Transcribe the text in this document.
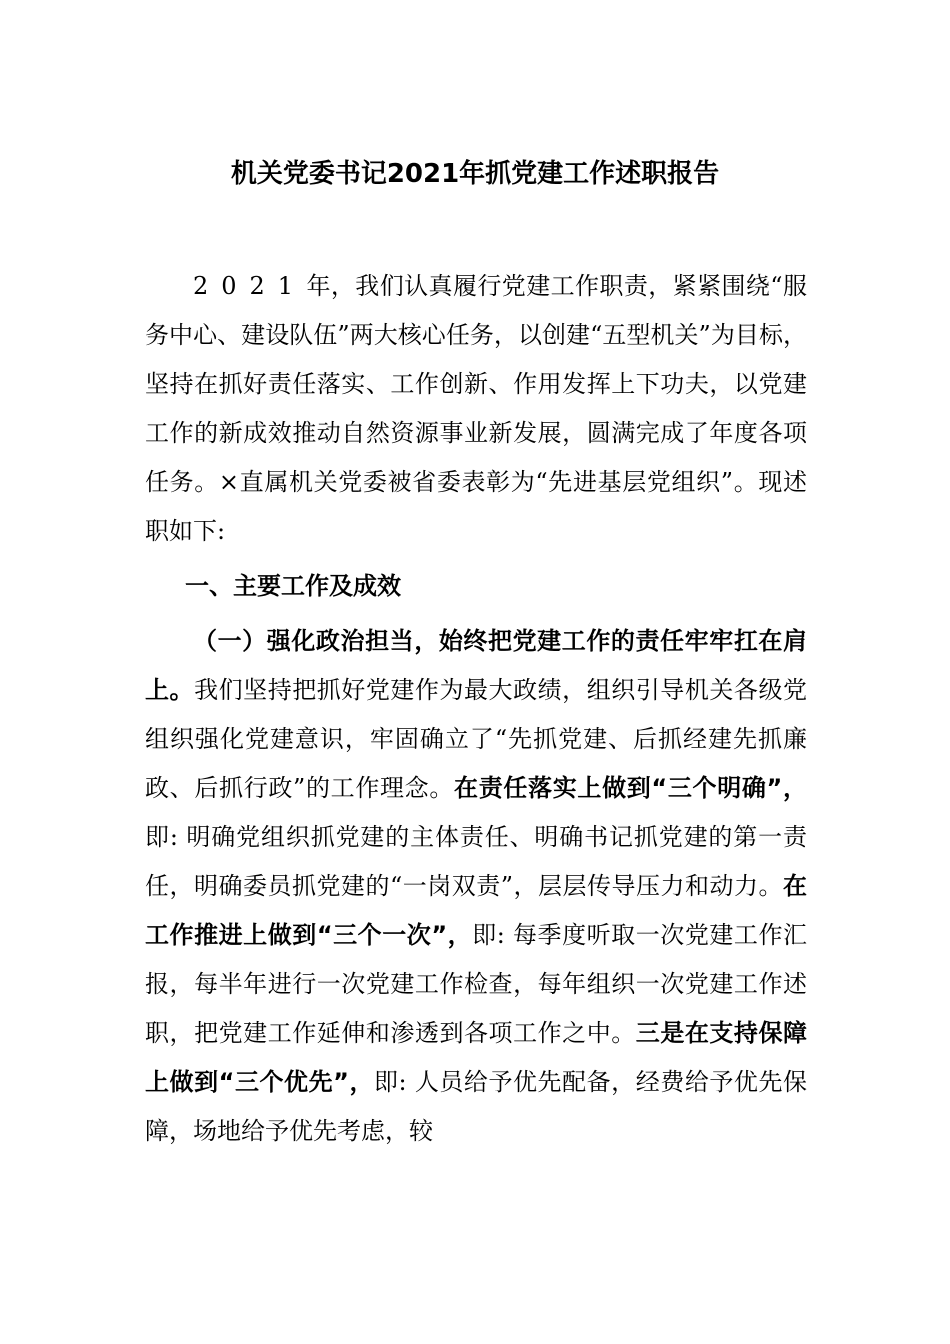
机关党委书记2021年抓党建工作述职报告

2021年，我们认真履行党建工作职责，紧紧围绕“服务中心、建设队伍”两大核心任务，以创建“五型机关”为目标，坚持在抓好责任落实、工作创新、作用发挥上下功夫，以党建工作的新成效推动自然资源事业新发展，圆满完成了年度各项任务。×直属机关党委被省委表彰为“先进基层党组织”。现述职如下:

一、主要工作及成效

（一）强化政治担当，始终把党建工作的责任牢牢扛在肩上。我们坚持把抓好党建作为最大政绩，组织引导机关各级党组织强化党建意识，牢固确立了“先抓党建、后抓经建先抓廉政、后抓行政”的工作理念。在责任落实上做到“三个明确”，即: 明确党组织抓党建的主体责任、明确书记抓党建的第一责任，明确委员抓党建的“一岗双责”，层层传导压力和动力。在工作推进上做到“三个一次”，即: 每季度听取一次党建工作汇报，每半年进行一次党建工作检查，每年组织一次党建工作述职，把党建工作延伸和渗透到各项工作之中。三是在支持保障上做到“三个优先”，即: 人员给予优先配备，经费给予优先保障，场地给予优先考虑，较
